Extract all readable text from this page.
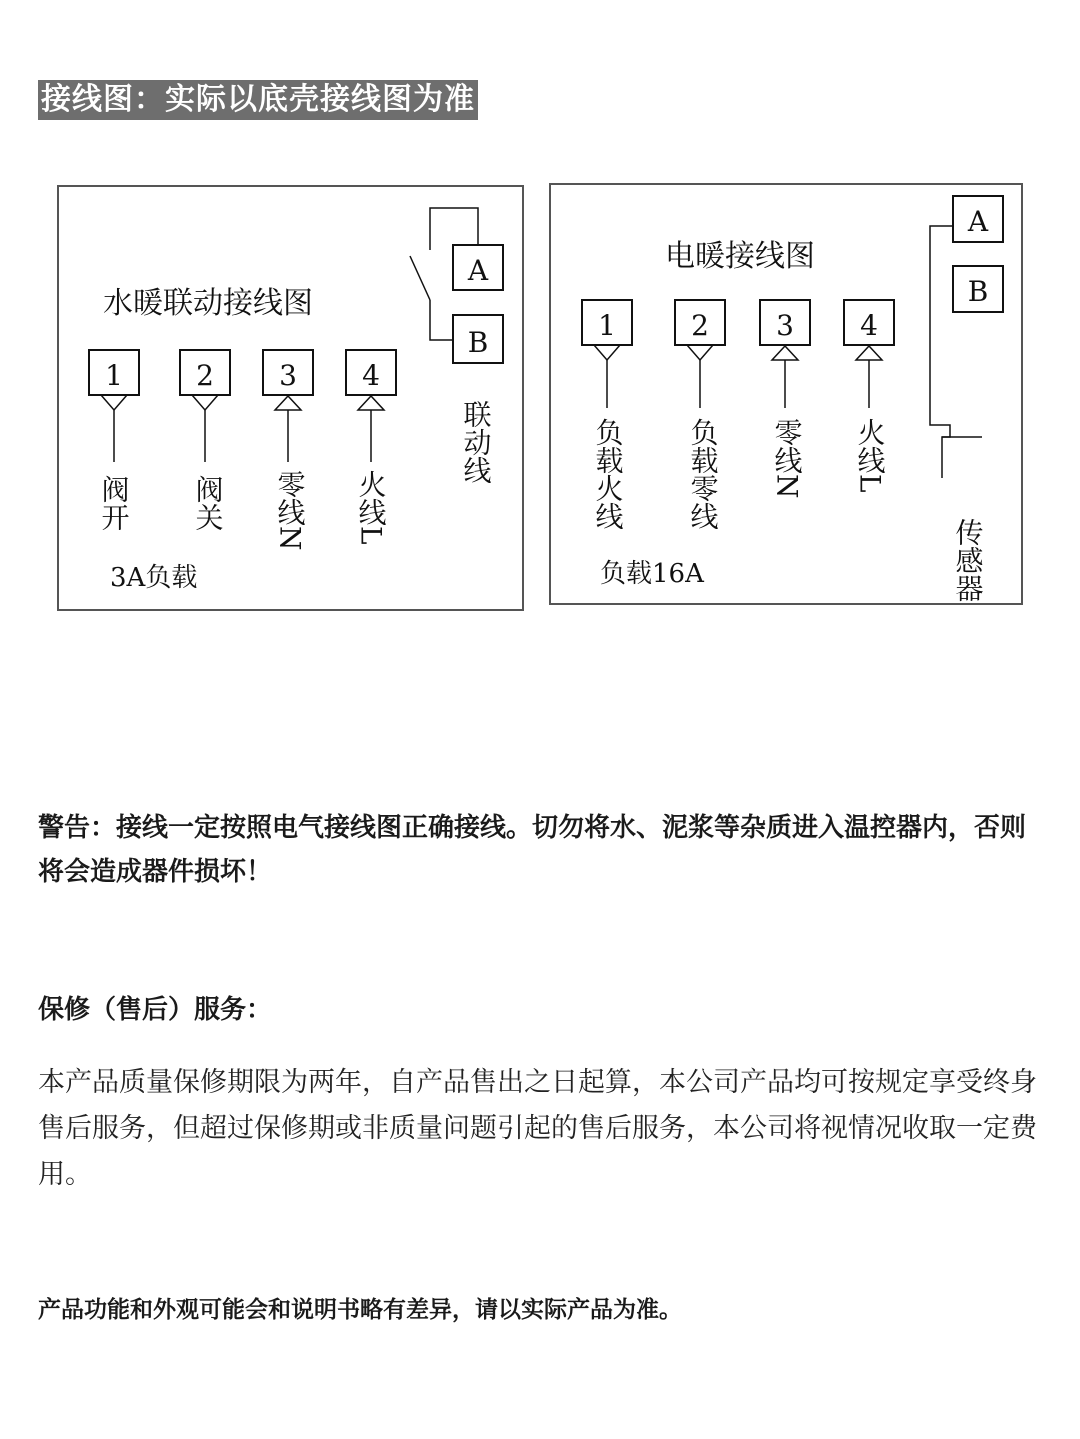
接线图：实际以底壳接线图为准
水暖联动接线图
1	2 3 4
阀开 阀关 零线N 火线L
3A负载
A
B
联动线
电暖接线图
1	2 3 4
负载火线 负载零线 零线N 火线L
负载16A
A
B
传感器

警告：接线一定按照电气接线图正确接线。切勿将水、泥浆等杂质进入温控器内，否则将会造成器件损坏！

保修（售后）服务：

本产品质量保修期限为两年，自产品售出之日起算，本公司产品均可按规定享受终身售后服务，但超过保修期或非质量问题引起的售后服务，本公司将视情况收取一定费用。

产品功能和外观可能会和说明书略有差异，请以实际产品为准。
